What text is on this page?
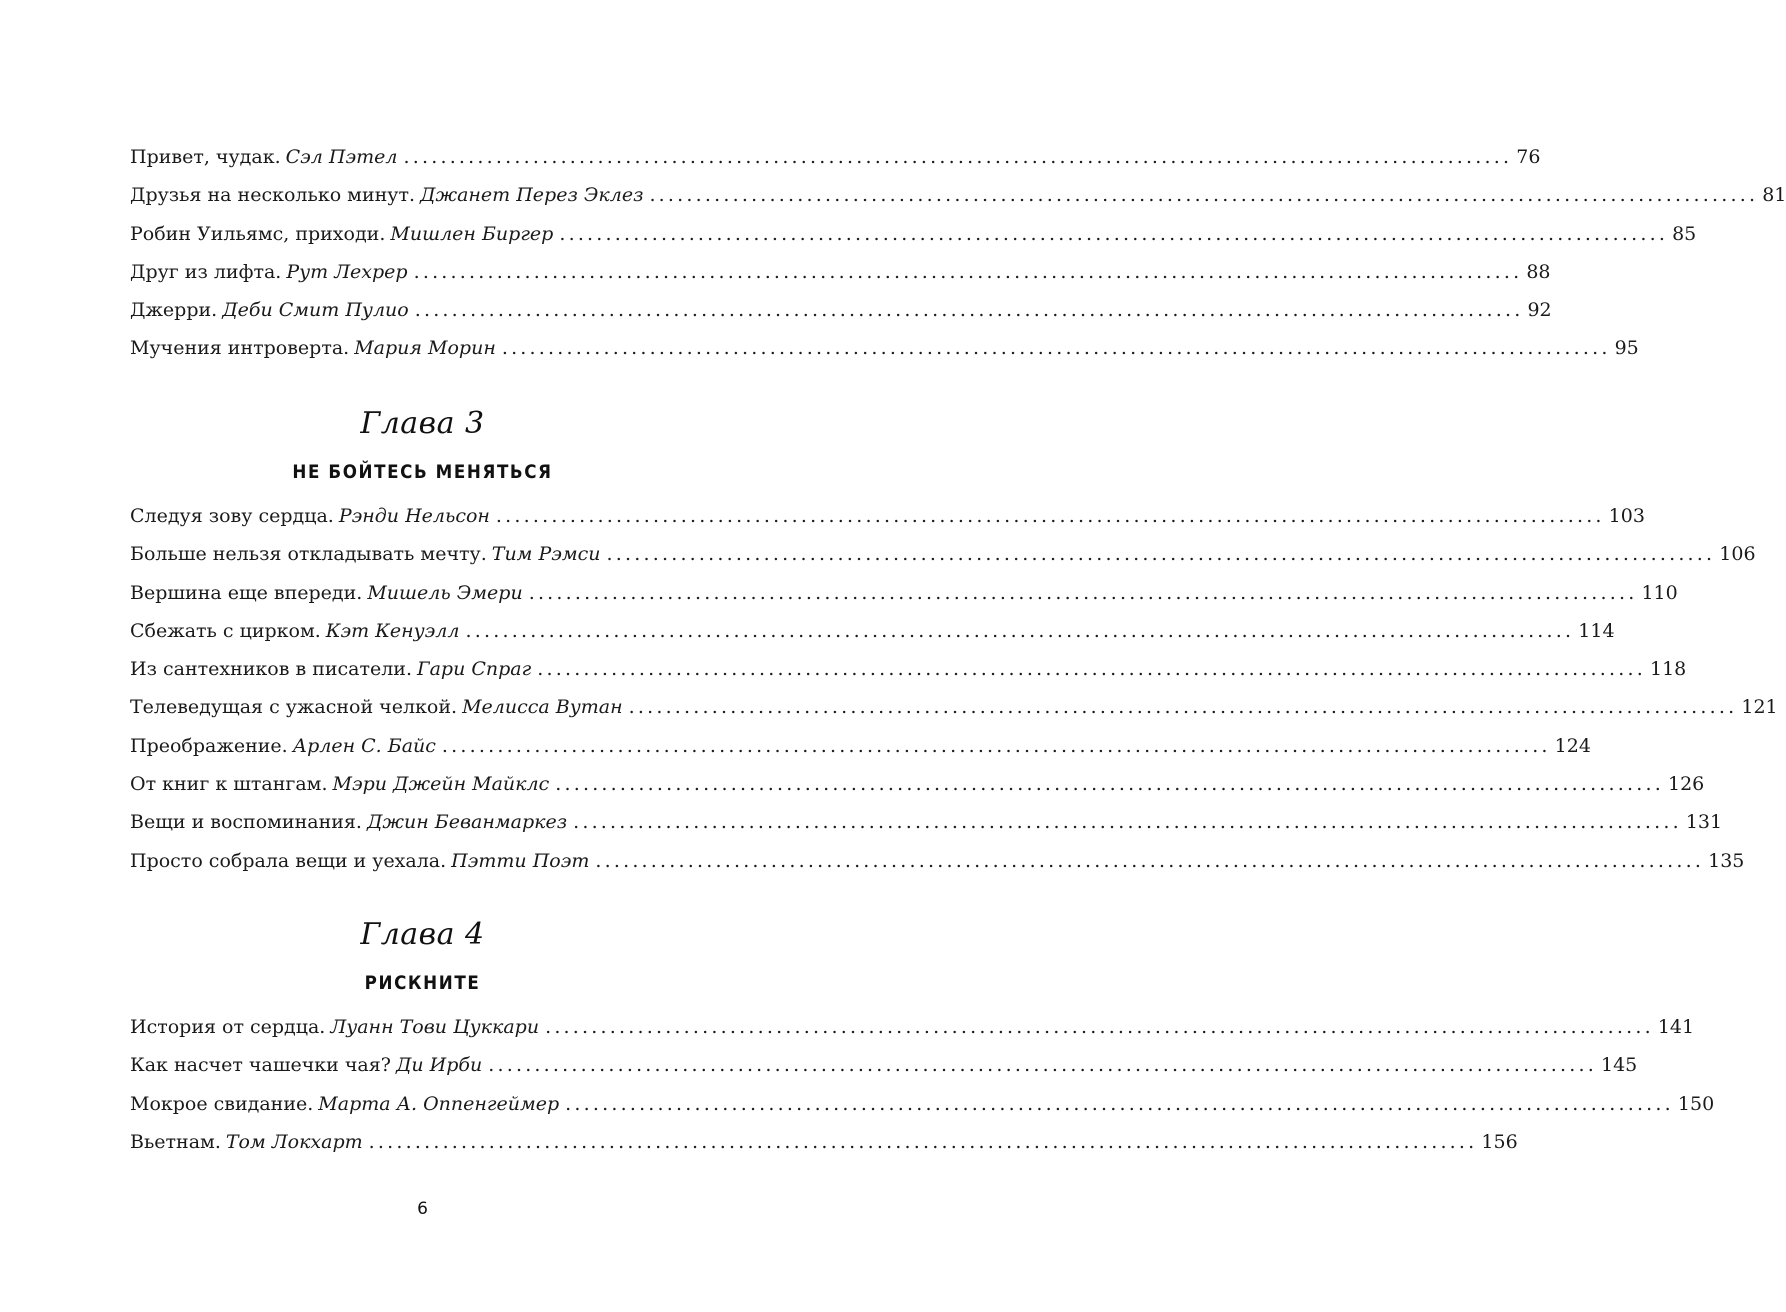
Привет, чудак. Сэл Пэтел ........................................................................................................................ 76
Друзья на несколько минут. Джанет Перез Эклез ........................................................................................................................ 81
Робин Уильямс, приходи. Мишлен Биргер ........................................................................................................................ 85
Друг из лифта. Рут Лехрер ........................................................................................................................ 88
Джерри. Деби Смит Пулио ........................................................................................................................ 92
Мучения интроверта. Мария Морин ........................................................................................................................ 95
Глава 3
НЕ БОЙТЕСЬ МЕНЯТЬСЯ
Следуя зову сердца. Рэнди Нельсон ........................................................................................................................ 103
Больше нельзя откладывать мечту. Тим Рэмси ........................................................................................................................ 106
Вершина еще впереди. Мишель Эмери ........................................................................................................................ 110
Сбежать с цирком. Кэт Кенуэлл ........................................................................................................................ 114
Из сантехников в писатели. Гари Спраг ........................................................................................................................ 118
Телеведущая с ужасной челкой. Мелисса Вутан ........................................................................................................................ 121
Преображение. Арлен С. Байс ........................................................................................................................ 124
От книг к штангам. Мэри Джейн Майклс ........................................................................................................................ 126
Вещи и воспоминания. Джин Беванмаркез ........................................................................................................................ 131
Просто собрала вещи и уехала. Пэтти Поэт ........................................................................................................................ 135
Глава 4
РИСКНИТЕ
История от сердца. Луанн Тови Цуккари ........................................................................................................................ 141
Как насчет чашечки чая? Ди Ирби ........................................................................................................................ 145
Мокрое свидание. Марта А. Оппенгеймер ........................................................................................................................ 150
Вьетнам. Том Локхарт ........................................................................................................................ 156
6
